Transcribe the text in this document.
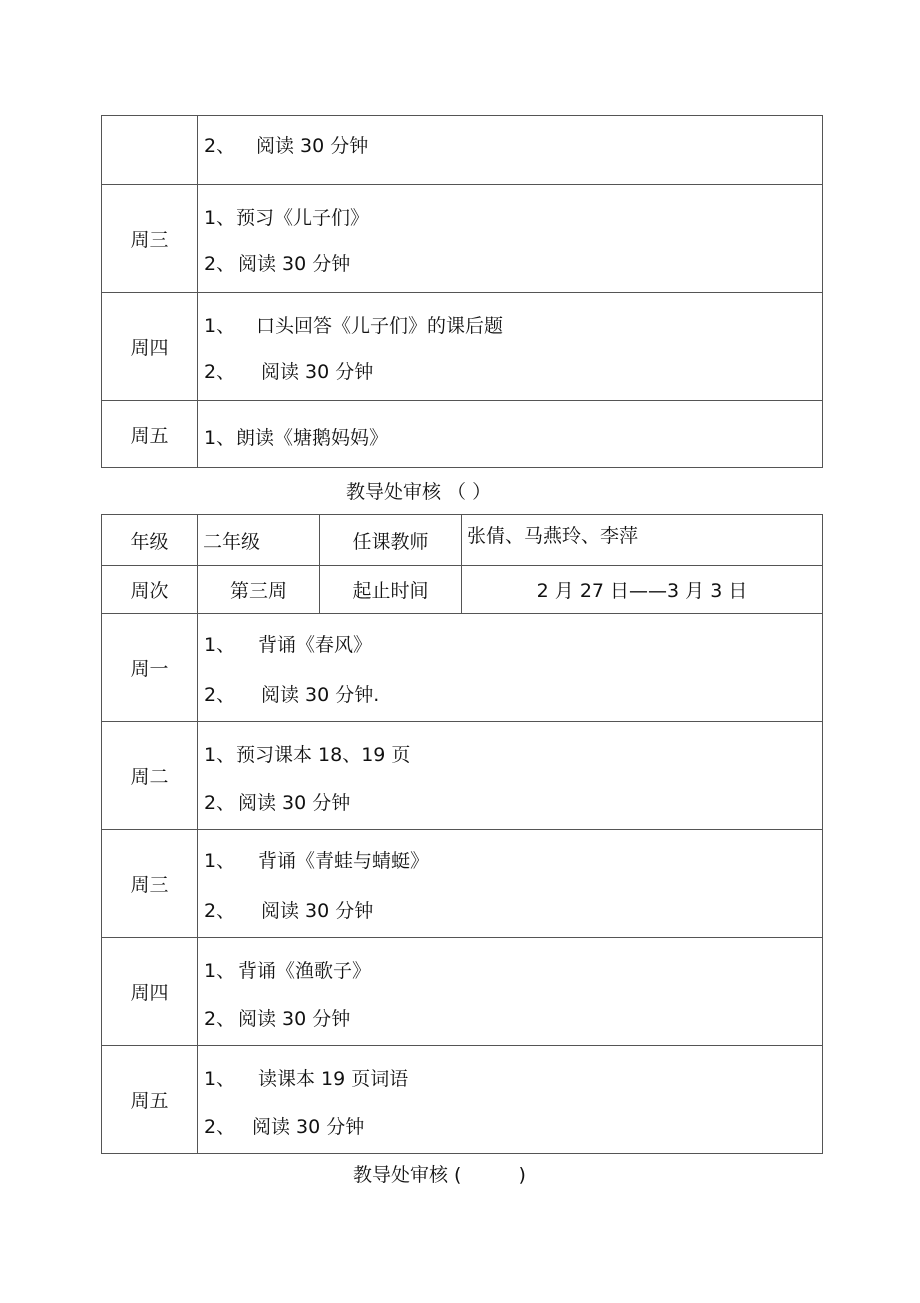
	2、 阅读 30 分钟

周三	1、预习《儿子们》
2、 阅读 30 分钟

周四	1、 口头回答《儿子们》的课后题
2、 阅读 30 分钟

周五	1、朗读《塘鹅妈妈》
教导处审核 （ ）
年级	二年级	任课教师	张倩、马燕玲、李萍
周次	第三周	起止时间	2 月 27 日——3 月 3 日
周一	1、 背诵《春风》
2、 阅读 30 分钟.		

周二	1、预习课本 18、19 页
2、 阅读 30 分钟		

周三	1、 背诵《青蛙与蜻蜓》
2、 阅读 30 分钟		

周四	1、 背诵《渔歌子》
2、 阅读 30 分钟		

周五	1、 读课本 19 页词语
2、 阅读 30 分钟		
教导处审核 (　　　)
